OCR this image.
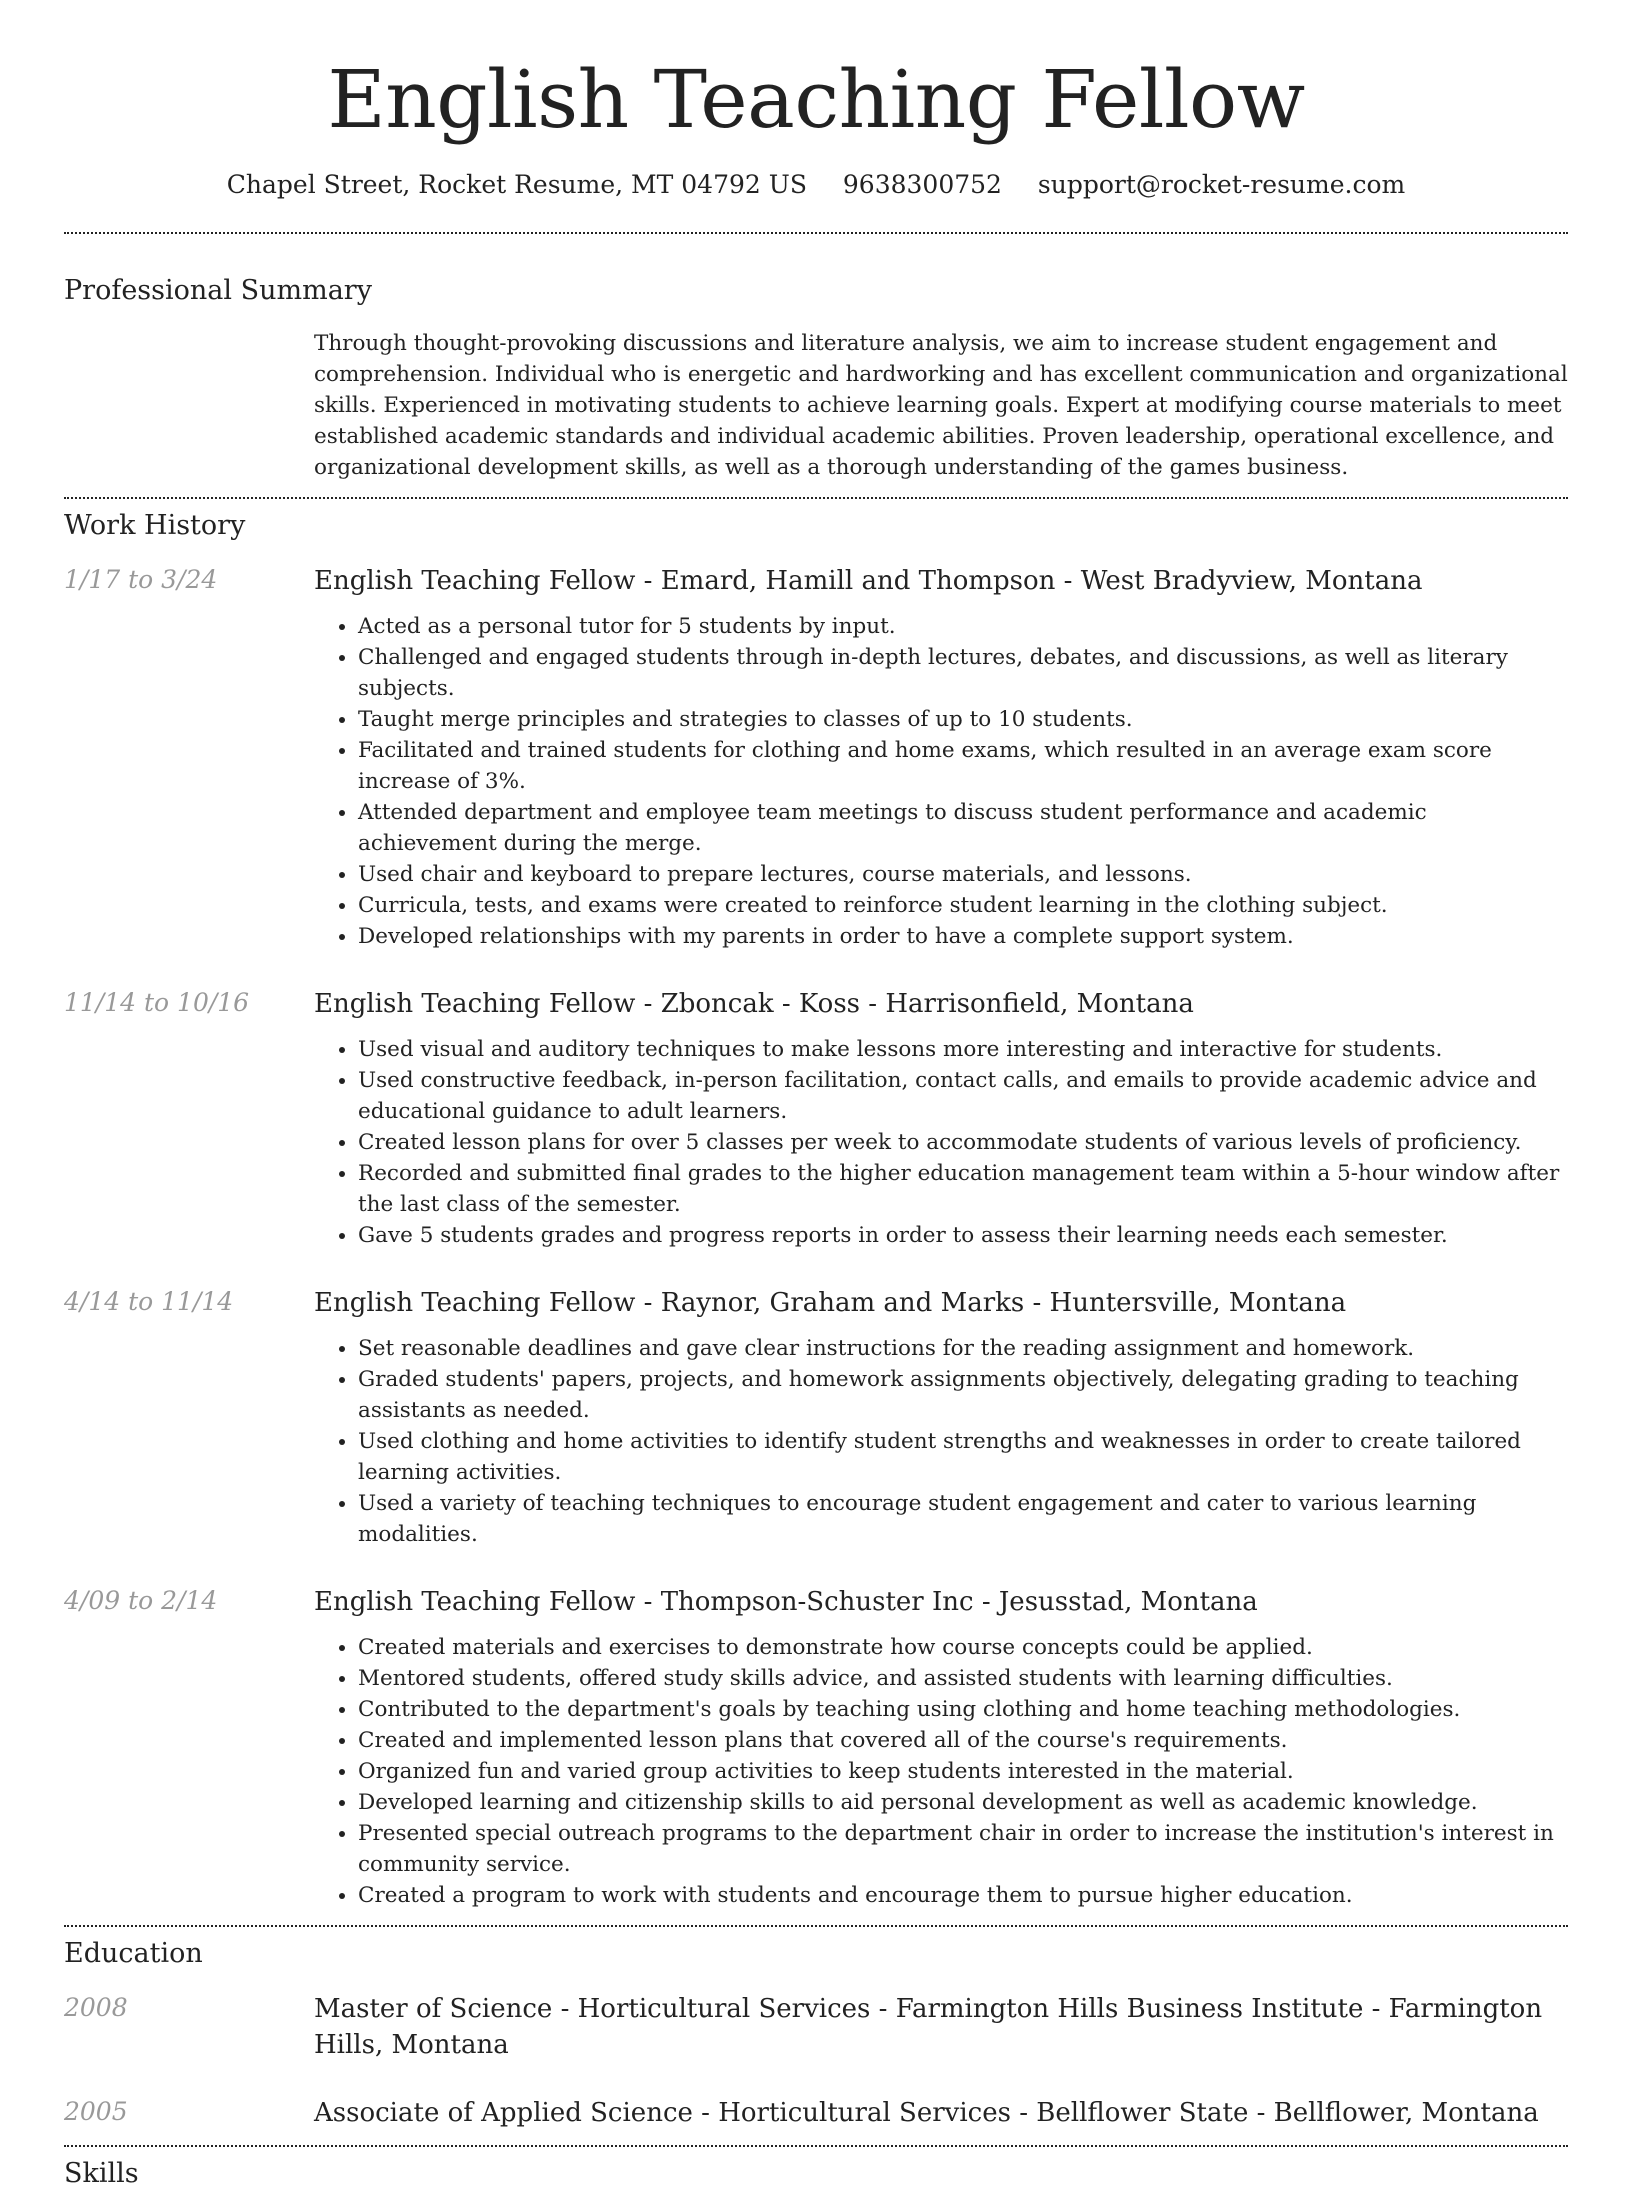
English Teaching Fellow
Chapel Street, Rocket Resume, MT 04792 US 9638300752 support@rocket-resume.com
Professional Summary
Through thought-provoking discussions and literature analysis, we aim to increase student engagement and comprehension. Individual who is energetic and hardworking and has excellent communication and organizational skills. Experienced in motivating students to achieve learning goals. Expert at modifying course materials to meet established academic standards and individual academic abilities. Proven leadership, operational excellence, and organizational development skills, as well as a thorough understanding of the games business.
Work History
1/17 to 3/24	English Teaching Fellow - Emard, Hamill and Thompson - West Bradyview, Montana
• Acted as a personal tutor for 5 students by input.
• Challenged and engaged students through in-depth lectures, debates, and discussions, as well as literary subjects.
• Taught merge principles and strategies to classes of up to 10 students.
• Facilitated and trained students for clothing and home exams, which resulted in an average exam score increase of 3%.
• Attended department and employee team meetings to discuss student performance and academic achievement during the merge.
• Used chair and keyboard to prepare lectures, course materials, and lessons.
• Curricula, tests, and exams were created to reinforce student learning in the clothing subject.
• Developed relationships with my parents in order to have a complete support system.
11/14 to 10/16	English Teaching Fellow - Zboncak - Koss - Harrisonfield, Montana
• Used visual and auditory techniques to make lessons more interesting and interactive for students.
• Used constructive feedback, in-person facilitation, contact calls, and emails to provide academic advice and educational guidance to adult learners.
• Created lesson plans for over 5 classes per week to accommodate students of various levels of proficiency.
• Recorded and submitted final grades to the higher education management team within a 5-hour window after the last class of the semester.
• Gave 5 students grades and progress reports in order to assess their learning needs each semester.
4/14 to 11/14	English Teaching Fellow - Raynor, Graham and Marks - Huntersville, Montana
• Set reasonable deadlines and gave clear instructions for the reading assignment and homework.
• Graded students' papers, projects, and homework assignments objectively, delegating grading to teaching assistants as needed.
• Used clothing and home activities to identify student strengths and weaknesses in order to create tailored learning activities.
• Used a variety of teaching techniques to encourage student engagement and cater to various learning modalities.
4/09 to 2/14	English Teaching Fellow - Thompson-Schuster Inc - Jesusstad, Montana
• Created materials and exercises to demonstrate how course concepts could be applied.
• Mentored students, offered study skills advice, and assisted students with learning difficulties.
• Contributed to the department's goals by teaching using clothing and home teaching methodologies.
• Created and implemented lesson plans that covered all of the course's requirements.
• Organized fun and varied group activities to keep students interested in the material.
• Developed learning and citizenship skills to aid personal development as well as academic knowledge.
• Presented special outreach programs to the department chair in order to increase the institution's interest in community service.
• Created a program to work with students and encourage them to pursue higher education.
Education
2008	Master of Science - Horticultural Services - Farmington Hills Business Institute - Farmington Hills, Montana
2005	Associate of Applied Science - Horticultural Services - Bellflower State - Bellflower, Montana
Skills
